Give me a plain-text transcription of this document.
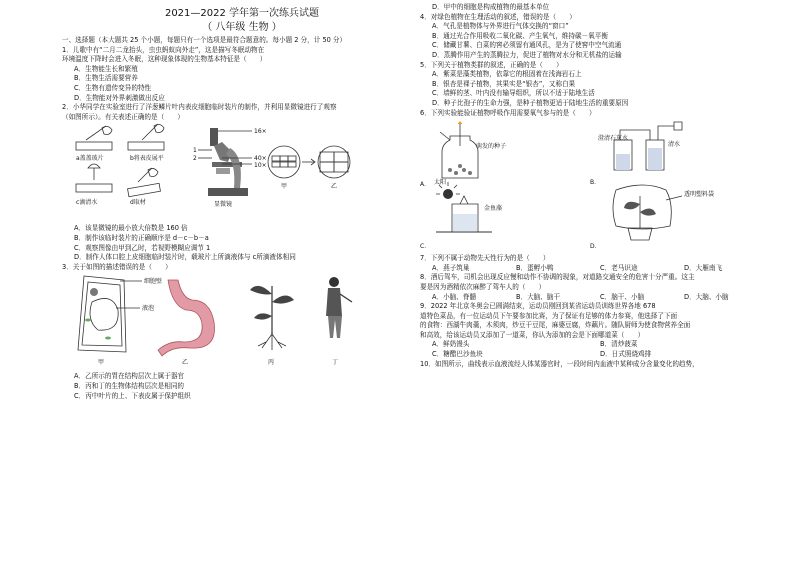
2021—2022 学年第一次练兵试题
（ 八年级 生物 ）
一、选择题（本大题共 25 个小题，每题只有一个选项是最符合题意的。每小题 2 分，计 50 分）
1．儿歌中有“二月二龙抬头，虫虫蚂蚁向外走”，这是描写冬眠动物在
环境温度下降时会进入冬眠，这种现象体现的生物基本特征是（　　）
A．生物能生长和繁殖
B．生物生活需要营养
C．生物有遗传变异的特性
D．生物能对外界刺激做出反应
2．小华同学在实验室进行了洋葱鳞片叶内表皮细胞临时装片的制作，并利用显微镜进行了观察
（如图所示）。有关表述正确的是（　　）
a盖盖玻片	b将表皮展平
c滴清水	d取材
16×
40×
10×
1
2
显微镜
甲	乙
A．该显微镜的最小放大倍数是 160 倍
B．制作该临时装片的正确顺序是 d－c－b－a
C．观察图像由甲到乙时，若视野模糊应调节 1
D．制作人体口腔上皮细胞临时装片时，载玻片上所滴液体与 c所滴液体相同
3．关于如图的描述错误的是（　　）
细胞壁
液泡
甲	乙	丙	丁
A．乙所示的胃在结构层次上属于器官
B．丙和丁的生物体结构层次是相同的
C．丙中叶片的上、下表皮属于保护组织
D．甲中的细胞是构成植物的最基本单位
4．对绿色植物在生理活动的叙述，错误的是（　　）
A．气孔是植物体与外界进行气体交换的“窗口”
B．通过光合作用吸收二氧化碳、产生氧气，维持碳－氧平衡
C．储藏甘薯、白菜的窖必须留有通风孔，是为了使窖中空气流通
D．蒸腾作用产生的蒸腾拉力，促进了植物对水分和无机盐的运输
5．下列关于植物类群的叙述，正确的是（　　）
A．紫菜是藻类植物，依靠它的根固着在浅海岩石上
B．银杏是裸子植物，其果实是“银杏”，又称白果
C．墙鲜的茎、叶内没有输导组织，所以不适于陆地生活
D．种子比孢子的生命力强，是种子植物更适于陆地生活的重要原因
6．下列实验能验证植物呼吸作用需要氧气参与的是（　　）
萌发的种子
澄清石灰水
清水
太阳
金鱼藻
透明塑料袋
A．	B．
C．	D．
7．下列不属于动物先天性行为的是（　　）
A．燕子筑巢	B．蛋孵小鸭	C．老马识途	D．大雁南飞
8．酒后驾车，司机会出现反应慢和动作不协调的现象，对道路交通安全的危害十分严重。这主
要是因为酒精依次麻醉了驾车人的（　　）
A．小脑、脊髓	B．大脑、脑干	C．脑干、小脑	D．大脑、小脑
9．2022 年北京冬奥会已圆满结束，运动员刚回到某省运动员训练世界各地 678
道特色菜品，有一位运动员下午要参加比赛，为了保证有足够的体力参赛，他选择了下面
的食物：西湖牛肉羹，木须肉，炒豆干豆尾，麻婆豆腐，炸藕片。随队厨师为使食物营养全面
和高效，给该运动员又添加了一道菜，你认为添加的会是下面哪道菜（　　）
A．鲜奶馒头	B．清炒菠菜
C．糖醋巴沙鱼块	D．日式照烧鸡排
10．如图所示，曲线表示血液流经人体某器官时，一段时间内血液中某种成分含量变化的趋势，
